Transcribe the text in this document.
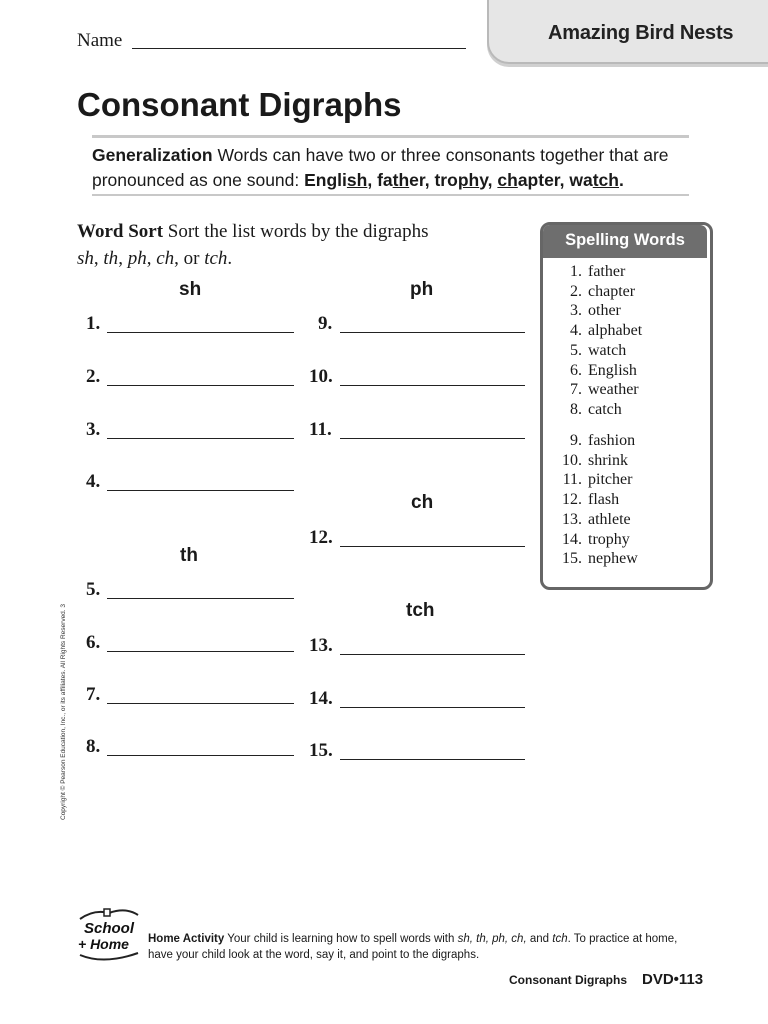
Amazing Bird Nests
Name
Consonant Digraphs
Generalization Words can have two or three consonants together that are pronounced as one sound: English, father, trophy, chapter, watch.
Word Sort Sort the list words by the digraphs
sh, th, ph, ch, or tch.
sh	ph
ch
th
tch
1.
2.
3.
4.
5.
6.
7.
8.
9.
10.
11.
12.
13.
14.
15.
Spelling Words
1. father
2. chapter
3. other
4. alphabet
5. watch
6. English
7. weather
8. catch
9. fashion
10. shrink
11. pitcher
12. flash
13. athlete
14. trophy
15. nephew
Copyright © Pearson Education, Inc., or its affiliates. All Rights Reserved. 3
School
+ Home Home Activity Your child is learning how to spell words with sh, th, ph, ch, and tch. To practice at home, have your child look at the word, say it, and point to the digraphs.
Consonant Digraphs DVD•113
